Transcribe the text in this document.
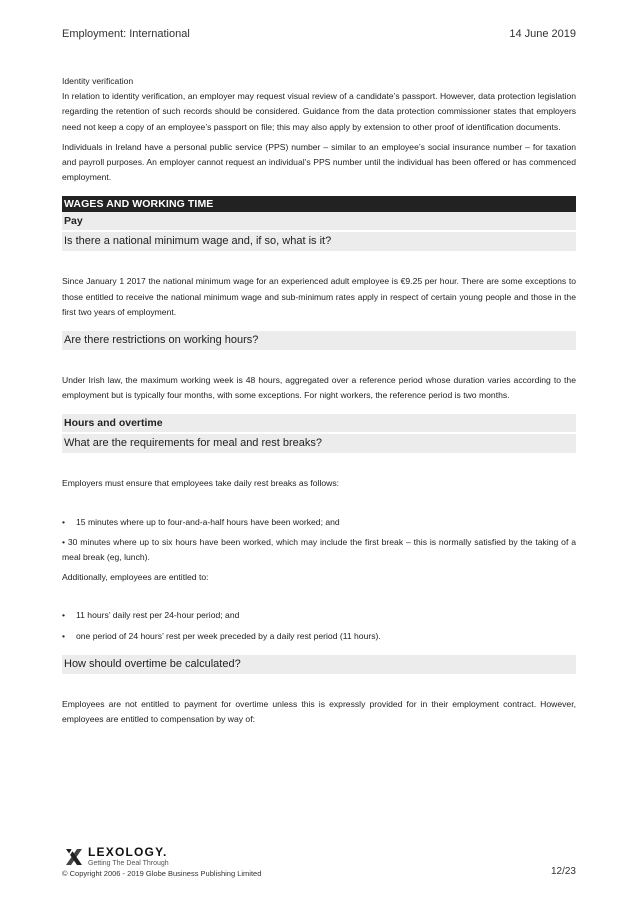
Employment: International	14 June 2019
Identity verification
In relation to identity verification, an employer may request visual review of a candidate’s passport. However, data protection legislation regarding the retention of such records should be considered. Guidance from the data protection commissioner states that employers need not keep a copy of an employee’s passport on file; this may also apply by extension to other proof of identification documents.
Individuals in Ireland have a personal public service (PPS) number – similar to an employee’s social insurance number – for taxation and payroll purposes. An employer cannot request an individual’s PPS number until the individual has been offered or has commenced employment.
WAGES AND WORKING TIME
Pay
Is there a national minimum wage and, if so, what is it?
Since January 1 2017 the national minimum wage for an experienced adult employee is €9.25 per hour. There are some exceptions to those entitled to receive the national minimum wage and sub-minimum rates apply in respect of certain young people and those in the first two years of employment.
Are there restrictions on working hours?
Under Irish law, the maximum working week is 48 hours, aggregated over a reference period whose duration varies according to the employment but is typically four months, with some exceptions. For night workers, the reference period is two months.
Hours and overtime
What are the requirements for meal and rest breaks?
Employers must ensure that employees take daily rest breaks as follows:
•	15 minutes where up to four-and-a-half hours have been worked; and
• 30 minutes where up to six hours have been worked, which may include the first break – this is normally satisfied by the taking of a meal break (eg, lunch).
Additionally, employees are entitled to:
•	11 hours’ daily rest per 24-hour period; and
•	one period of 24 hours’ rest per week preceded by a daily rest period (11 hours).
How should overtime be calculated?
Employees are not entitled to payment for overtime unless this is expressly provided for in their employment contract. However, employees are entitled to compensation by way of:
LEXOLOGY.
Getting The Deal Through
© Copyright 2006 - 2019 Globe Business Publishing Limited	12/23
